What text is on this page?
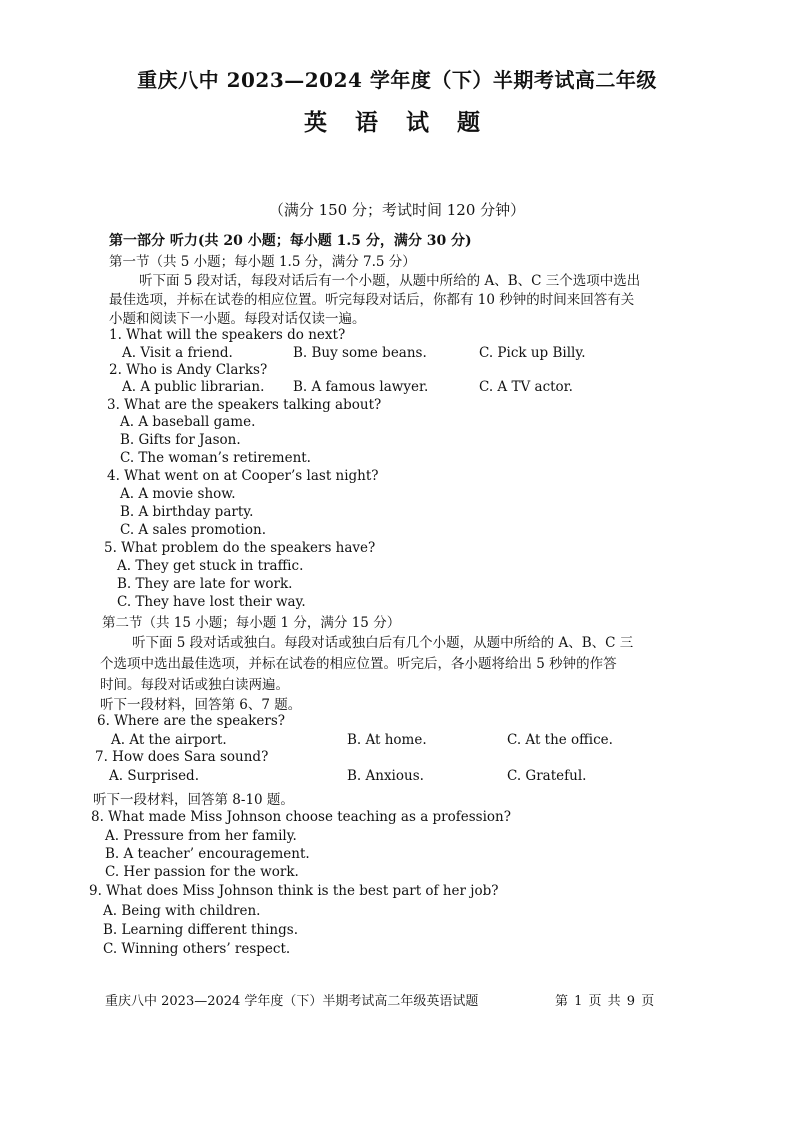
重庆八中 2023—2024 学年度（下）半期考试高二年级
英 语 试 题
（满分 150 分；考试时间 120 分钟）
第一部分 听力(共 20 小题；每小题 1.5 分，满分 30 分)
第一节（共 5 小题；每小题 1.5 分，满分 7.5 分）
听下面 5 段对话，每段对话后有一个小题，从题中所给的 A、B、C 三个选项中选出
最佳选项，并标在试卷的相应位置。听完每段对话后，你都有 10 秒钟的时间来回答有关
小题和阅读下一小题。每段对话仅读一遍。
1. What will the speakers do next?
A. Visit a friend.	B. Buy some beans.	C. Pick up Billy.
2. Who is Andy Clarks?
A. A public librarian. B. A famous lawyer.	C. A TV actor.
3. What are the speakers talking about?
A. A baseball game.
B. Gifts for Jason.
C. The woman’s retirement.
4. What went on at Cooper’s last night?
A. A movie show.
B. A birthday party.
C. A sales promotion.
5. What problem do the speakers have?
A. They get stuck in traffic.
B. They are late for work.
C. They have lost their way.
第二节（共 15 小题；每小题 1 分，满分 15 分）
听下面 5 段对话或独白。每段对话或独白后有几个小题，从题中所给的 A、B、C 三
个选项中选出最佳选项，并标在试卷的相应位置。听完后，各小题将给出 5 秒钟的作答
时间。每段对话或独白读两遍。
听下一段材料，回答第 6、7 题。
6. Where are the speakers?
A. At the airport.	B. At home.	C. At the office.
7. How does Sara sound?
A. Surprised.	B. Anxious.	C. Grateful.
听下一段材料，回答第 8-10 题。
8. What made Miss Johnson choose teaching as a profession?
A. Pressure from her family.
B. A teacher’ encouragement.
C. Her passion for the work.
9. What does Miss Johnson think is the best part of her job?
A. Being with children.
B. Learning different things.
C. Winning others’ respect.
重庆八中 2023—2024 学年度（下）半期考试高二年级英语试题	第 1 页 共 9 页
